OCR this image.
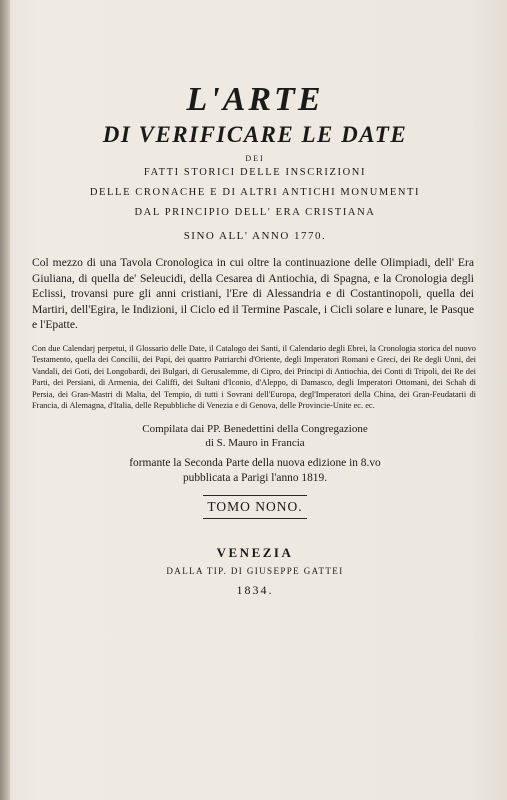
L'ARTE
DI VERIFICARE LE DATE
DEI

FATTI STORICI DELLE INSCRIZIONI

DELLE CRONACHE E DI ALTRI ANTICHI MONUMENTI

DAL PRINCIPIO DELL' ERA CRISTIANA

SINO ALL' ANNO 1770.

Col mezzo di una Tavola Cronologica in cui oltre la continuazione delle Olimpiadi, dell' Era Giuliana, di quella de' Seleucidi, della Cesarea di Antiochia, di Spagna, e la Cronologia degli Eclissi, trovansi pure gli anni cristiani, l'Ere di Alessandria e di Costantinopoli, quella dei Martiri, dell'Egira, le Indizioni, il Ciclo ed il Termine Pascale, i Cicli solare e lunare, le Pasque e l'Epatte.

Con due Calendarj perpetui, il Glossario delle Date, il Catalogo dei Santi, il Calendario degli Ebrei, la Cronologia storica del nuovo Testamento, quella dei Concilii, dei Papi, dei quattro Patriarchi d'Oriente, degli Imperatori Romani e Greci, dei Re degli Unni, dei Vandali, dei Goti, dei Longobardi, dei Bulgari, di Gerusalemme, di Cipro, dei Principi di Antiochia, dei Conti di Tripoli, dei Re dei Parti, dei Persiani, di Armenia, dei Califfi, dei Sultani d'Iconio, d'Aleppo, di Damasco, degli Imperatori Ottomani, dei Schah di Persia, dei Gran-Mastri di Malta, del Tempio, di tutti i Sovrani dell'Europa, degl'Imperatori della China, dei Gran-Feudatarii di Francia, di Alemagna, d'Italia, delle Repubbliche di Venezia e di Genova, delle Provincie-Unite ec. ec.

Compilata dai PP. Benedettini della Congregazione
di S. Mauro in Francia
formante la Seconda Parte della nuova edizione in 8.vo
pubblicata a Parigi l'anno 1819.
TOMO NONO.
VENEZIA
DALLA TIP. DI GIUSEPPE GATTEI
1834.
